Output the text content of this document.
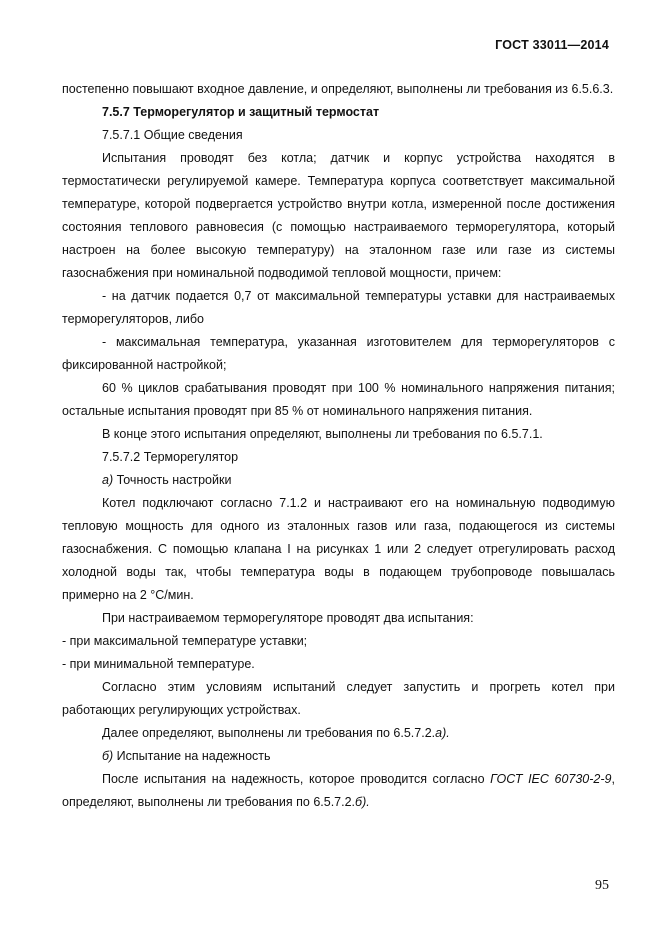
ГОСТ 33011—2014

постепенно повышают входное давление, и определяют, выполнены ли требования из 6.5.6.3.

7.5.7 Терморегулятор и защитный термостат

7.5.7.1 Общие сведения

Испытания проводят без котла; датчик и корпус устройства находятся в термостатически регулируемой камере. Температура корпуса соответствует максимальной температуре, которой подвергается устройство внутри котла, измеренной после достижения состояния теплового равновесия (с помощью настраиваемого терморегулятора, который настроен на более высокую температуру) на эталонном газе или газе из системы газоснабжения при номинальной подводимой тепловой мощности, причем:

- на датчик подается 0,7 от максимальной температуры уставки для настраиваемых терморегуляторов, либо

- максимальная температура, указанная изготовителем для терморегуляторов с фиксированной настройкой;

60 % циклов срабатывания проводят при 100 % номинального напряжения питания; остальные испытания проводят при 85 % от номинального напряжения питания.

В конце этого испытания определяют, выполнены ли требования по 6.5.7.1.

7.5.7.2 Терморегулятор

а) Точность настройки

Котел подключают согласно 7.1.2 и настраивают его на номинальную подводимую тепловую мощность для одного из эталонных газов или газа, подающегося из системы газоснабжения. С помощью клапана I на рисунках 1 или 2 следует отрегулировать расход холодной воды так, чтобы температура воды в подающем трубопроводе повышалась примерно на 2 °С/мин.

При настраиваемом терморегуляторе проводят два испытания:

- при максимальной температуре уставки;

- при минимальной температуре.

Согласно этим условиям испытаний следует запустить и прогреть котел при работающих регулирующих устройствах.

Далее определяют, выполнены ли требования по 6.5.7.2.а).

б) Испытание на надежность

После испытания на надежность, которое проводится согласно ГОСТ IEC 60730-2-9, определяют, выполнены ли требования по 6.5.7.2.б).

95
